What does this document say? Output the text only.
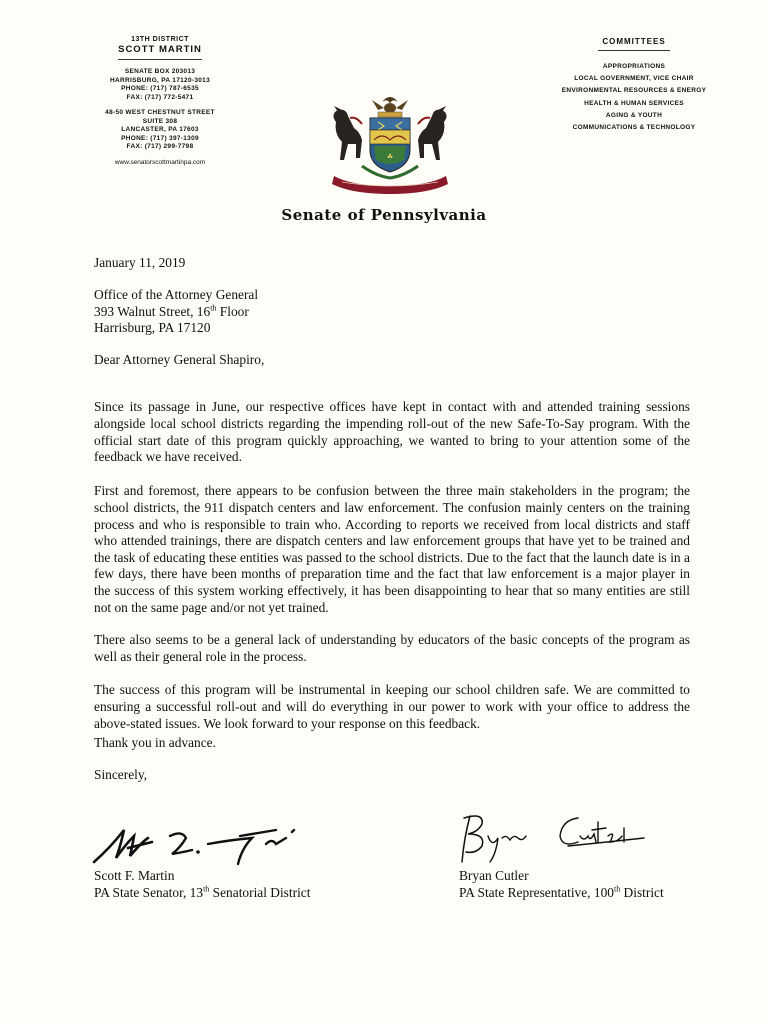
13TH DISTRICT
SCOTT MARTIN
SENATE BOX 203013
HARRISBURG, PA 17120-3013
PHONE: (717) 787-6535
FAX: (717) 772-5471
48-50 WEST CHESTNUT STREET
SUITE 308
LANCASTER, PA 17603
PHONE: (717) 397-1309
FAX: (717) 299-7798
www.senatorscottmartinpa.com
COMMITTEES
APPROPRIATIONS
LOCAL GOVERNMENT, VICE CHAIR
ENVIRONMENTAL RESOURCES & ENERGY
HEALTH & HUMAN SERVICES
AGING & YOUTH
COMMUNICATIONS & TECHNOLOGY
☘
Senate of Pennsylvania
January 11, 2019
Office of the Attorney General
393 Walnut Street, 16th Floor
Harrisburg, PA 17120
Dear Attorney General Shapiro,

Since its passage in June, our respective offices have kept in contact with and attended training sessions alongside local school districts regarding the impending roll-out of the new Safe-To-Say program. With the official start date of this program quickly approaching, we wanted to bring to your attention some of the feedback we have received.

First and foremost, there appears to be confusion between the three main stakeholders in the program; the school districts, the 911 dispatch centers and law enforcement. The confusion mainly centers on the training process and who is responsible to train who. According to reports we received from local districts and staff who attended trainings, there are dispatch centers and law enforcement groups that have yet to be trained and the task of educating these entities was passed to the school districts. Due to the fact that the launch date is in a few days, there have been months of preparation time and the fact that law enforcement is a major player in the success of this system working effectively, it has been disappointing to hear that so many entities are still not on the same page and/or not yet trained.

There also seems to be a general lack of understanding by educators of the basic concepts of the program as well as their general role in the process.

The success of this program will be instrumental in keeping our school children safe. We are committed to ensuring a successful roll-out and will do everything in our power to work with your office to address the above-stated issues. We look forward to your response on this feedback.

Thank you in advance.
Sincerely,
Scott F. Martin
PA State Senator, 13th Senatorial District
Bryan Cutler
PA State Representative, 100th District
